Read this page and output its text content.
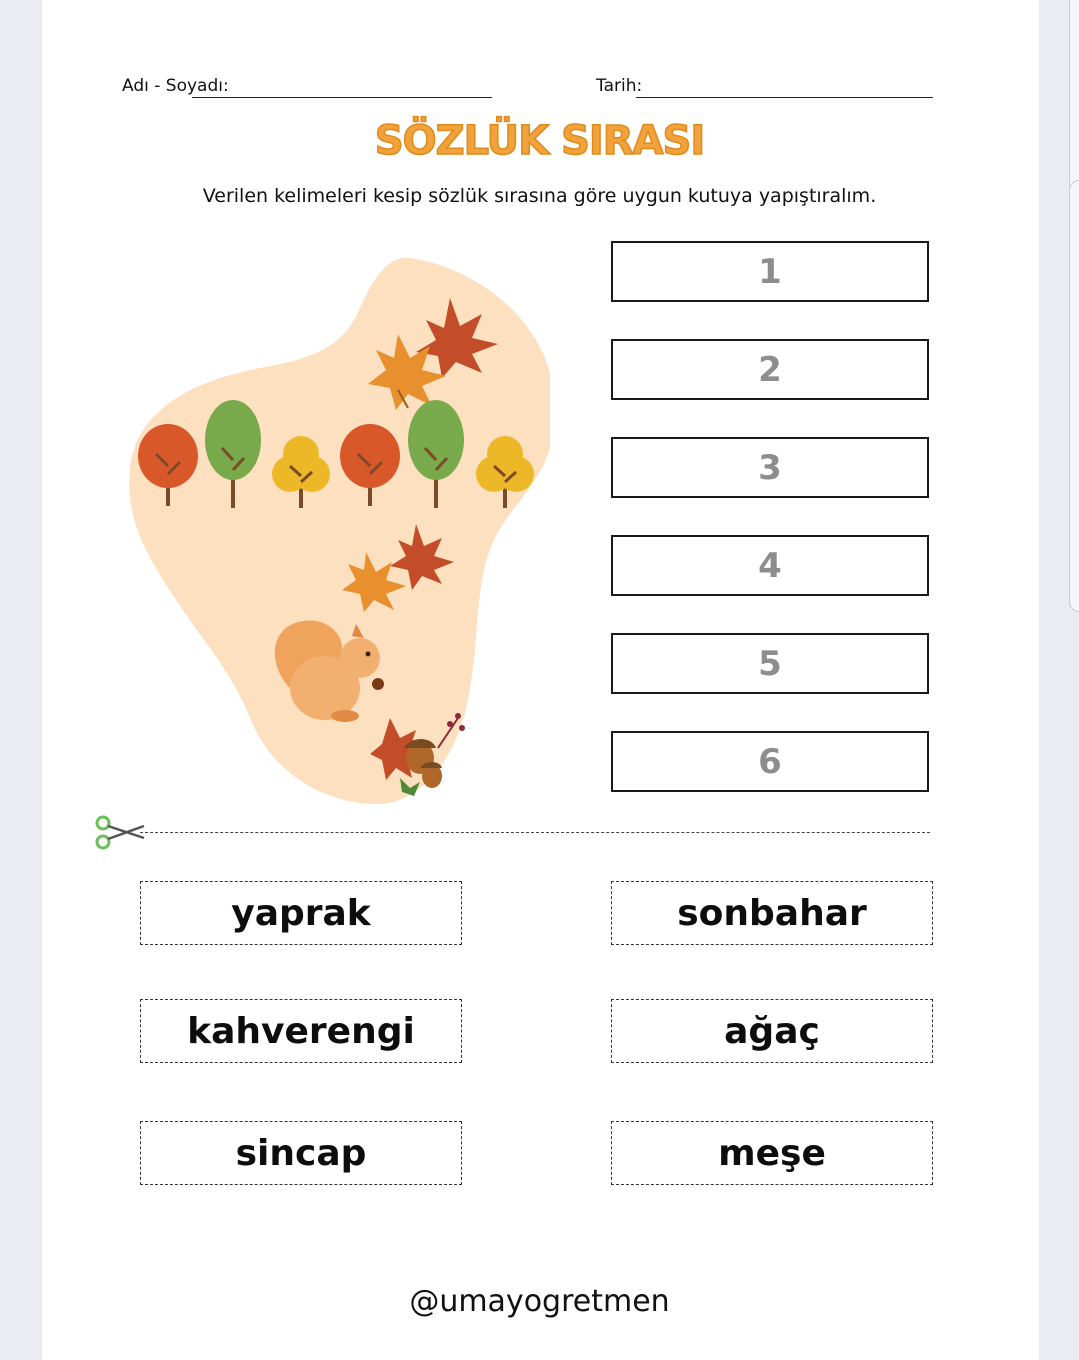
Adı - Soyadı:	Tarih:
SÖZLÜK SIRASI
Verilen kelimeleri kesip sözlük sırasına göre uygun kutuya yapıştıralım.
1
2
3
4
5
6
yaprak	sonbahar
kahverengi	ağaç
sincap	meşe
@umayogretmen
